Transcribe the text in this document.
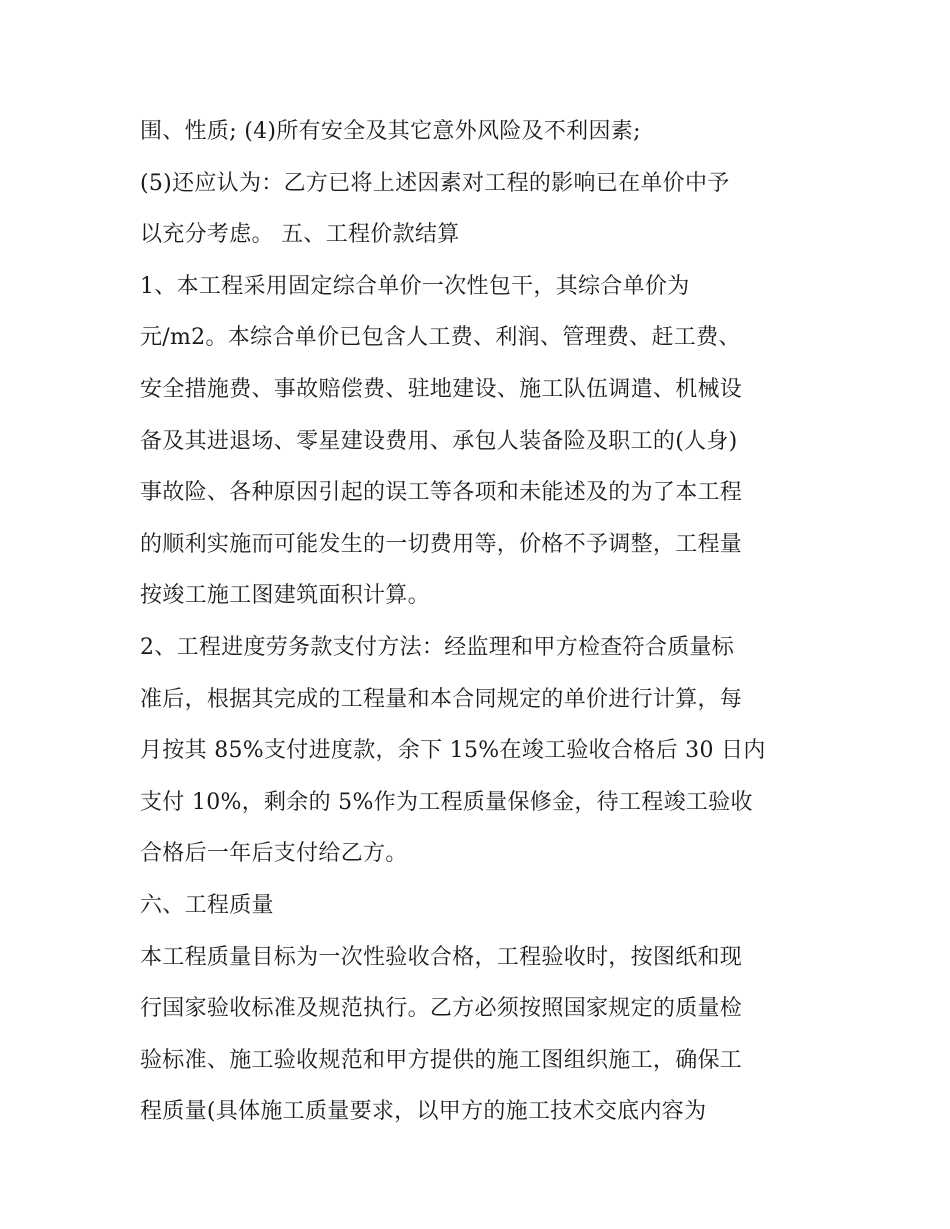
围、性质; (4)所有安全及其它意外风险及不利因素;
(5)还应认为：乙方已将上述因素对工程的影响已在单价中予
以充分考虑。 五、工程价款结算
1、本工程采用固定综合单价一次性包干，其综合单价为
元/m2。本综合单价已包含人工费、利润、管理费、赶工费、
安全措施费、事故赔偿费、驻地建设、施工队伍调遣、机械设
备及其进退场、零星建设费用、承包人装备险及职工的(人身)
事故险、各种原因引起的误工等各项和未能述及的为了本工程
的顺利实施而可能发生的一切费用等，价格不予调整，工程量
按竣工施工图建筑面积计算。
2、工程进度劳务款支付方法：经监理和甲方检查符合质量标
准后，根据其完成的工程量和本合同规定的单价进行计算，每
月按其 85%支付进度款，余下 15%在竣工验收合格后 30 日内
支付 10%，剩余的 5%作为工程质量保修金，待工程竣工验收
合格后一年后支付给乙方。
六、工程质量
本工程质量目标为一次性验收合格，工程验收时，按图纸和现
行国家验收标准及规范执行。乙方必须按照国家规定的质量检
验标准、施工验收规范和甲方提供的施工图组织施工，确保工
程质量(具体施工质量要求，以甲方的施工技术交底内容为
